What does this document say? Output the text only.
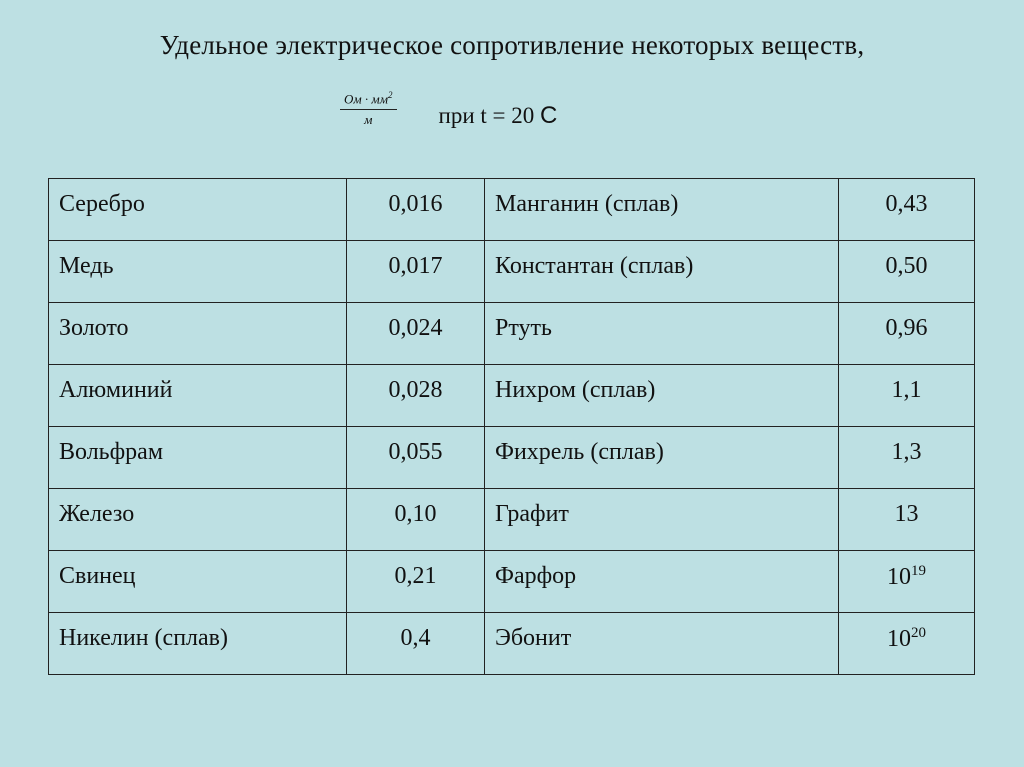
Удельное электрическое сопротивление некоторых веществ,
$\frac{Ом \cdot мм^2}{м}$ при t = 20 С
Серебро	0,016	Манганин (сплав)	0,43
Медь	0,017	Константан (сплав)	0,50
Золото	0,024	Ртуть	0,96
Алюминий	0,028	Нихром (сплав)	1,1
Вольфрам	0,055	Фихрель (сплав)	1,3
Железо	0,10	Графит	13
Свинец	0,21	Фарфор	$10^{19}$
Никелин (сплав)	0,4	Эбонит	$10^{20}$
